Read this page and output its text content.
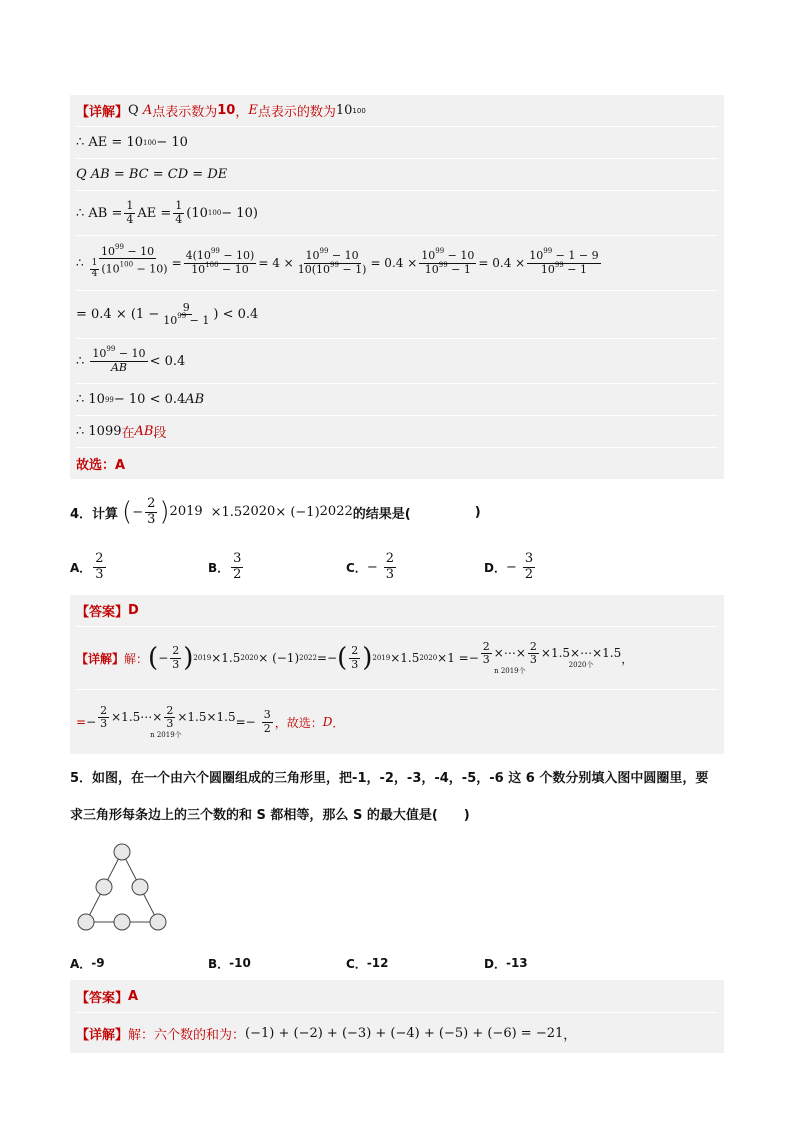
【详解】 Q
A 点表示数为 10 ， E 点表示的数为 10 100
∴ AE = 10 100 − 10
Q AB = BC = CD = DE
∴ AB = $\frac{1}{4}$ AE = $\frac{1}{4} (10$ 100 − 10)
∴ $\frac{10^{99} - 10}{\frac{1}{4} (10^{100} - 10)} = \frac{4(10^{99} - 10)}{10^{100} - 10} = 4 \times \frac{10^{99} - 10}{10(10^{99} - 1)} = 0.4 \times \frac{10^{99} - 10}{10^{99} - 1} = 0.4 \times \frac{10^{99} - 1 - 9}{10^{99} - 1}$
= $0.4 \times (1 - \frac{9}{10^{99} - 1}$ ) < 0.4
∴
$\frac{10^{99} - 10}{AB} < 0.4$
∴ 10 99 − 10 < 0.4 AB
∴ 10 99 在 AB 段
故选：A
4．计算 ( − $\frac{2}{3}$ ) 2019 ×1.5 2020 × (−1) 2022 的结果是(	)
A． $\frac{2}{3}$	B． $\frac{3}{2}$	C． − $\frac{2}{3}$	D． − $\frac{3}{2}$
【答案】 D
【详解】 解： ( − $\frac{2}{3}$ ) 2019 ×1.5 2020 × (−1) 2022 =− ( $\frac{2}{3}$ ) 2019 ×1.5 2020 ×1 = − $\frac{2}{3}$ ×⋯× $\frac{2}{3}$
n 2019个
×1.5×⋯×1.5
2020个 ，
= − $\frac{2}{3}$ ×1.5⋯× $\frac{2}{3} \times 1.5\times 1.5$
n 2019个
=− $\frac{3}{2}$ ，故选： D ．
5．如图，在一个由六个圆圈组成的三角形里，把-1，-2，-3，-4，-5，-6 这 6 个数分别填入图中圆圈里，要
求三角形每条边上的三个数的和 S 都相等，那么 S 的最大值是(　　)
A． -9	B． -10	C． -12	D． -13
【答案】 A
【详解】 解：六个数的和为： (−1) + (−2) + (−3) + (−4) + (−5) + (−6) = −21 ，
